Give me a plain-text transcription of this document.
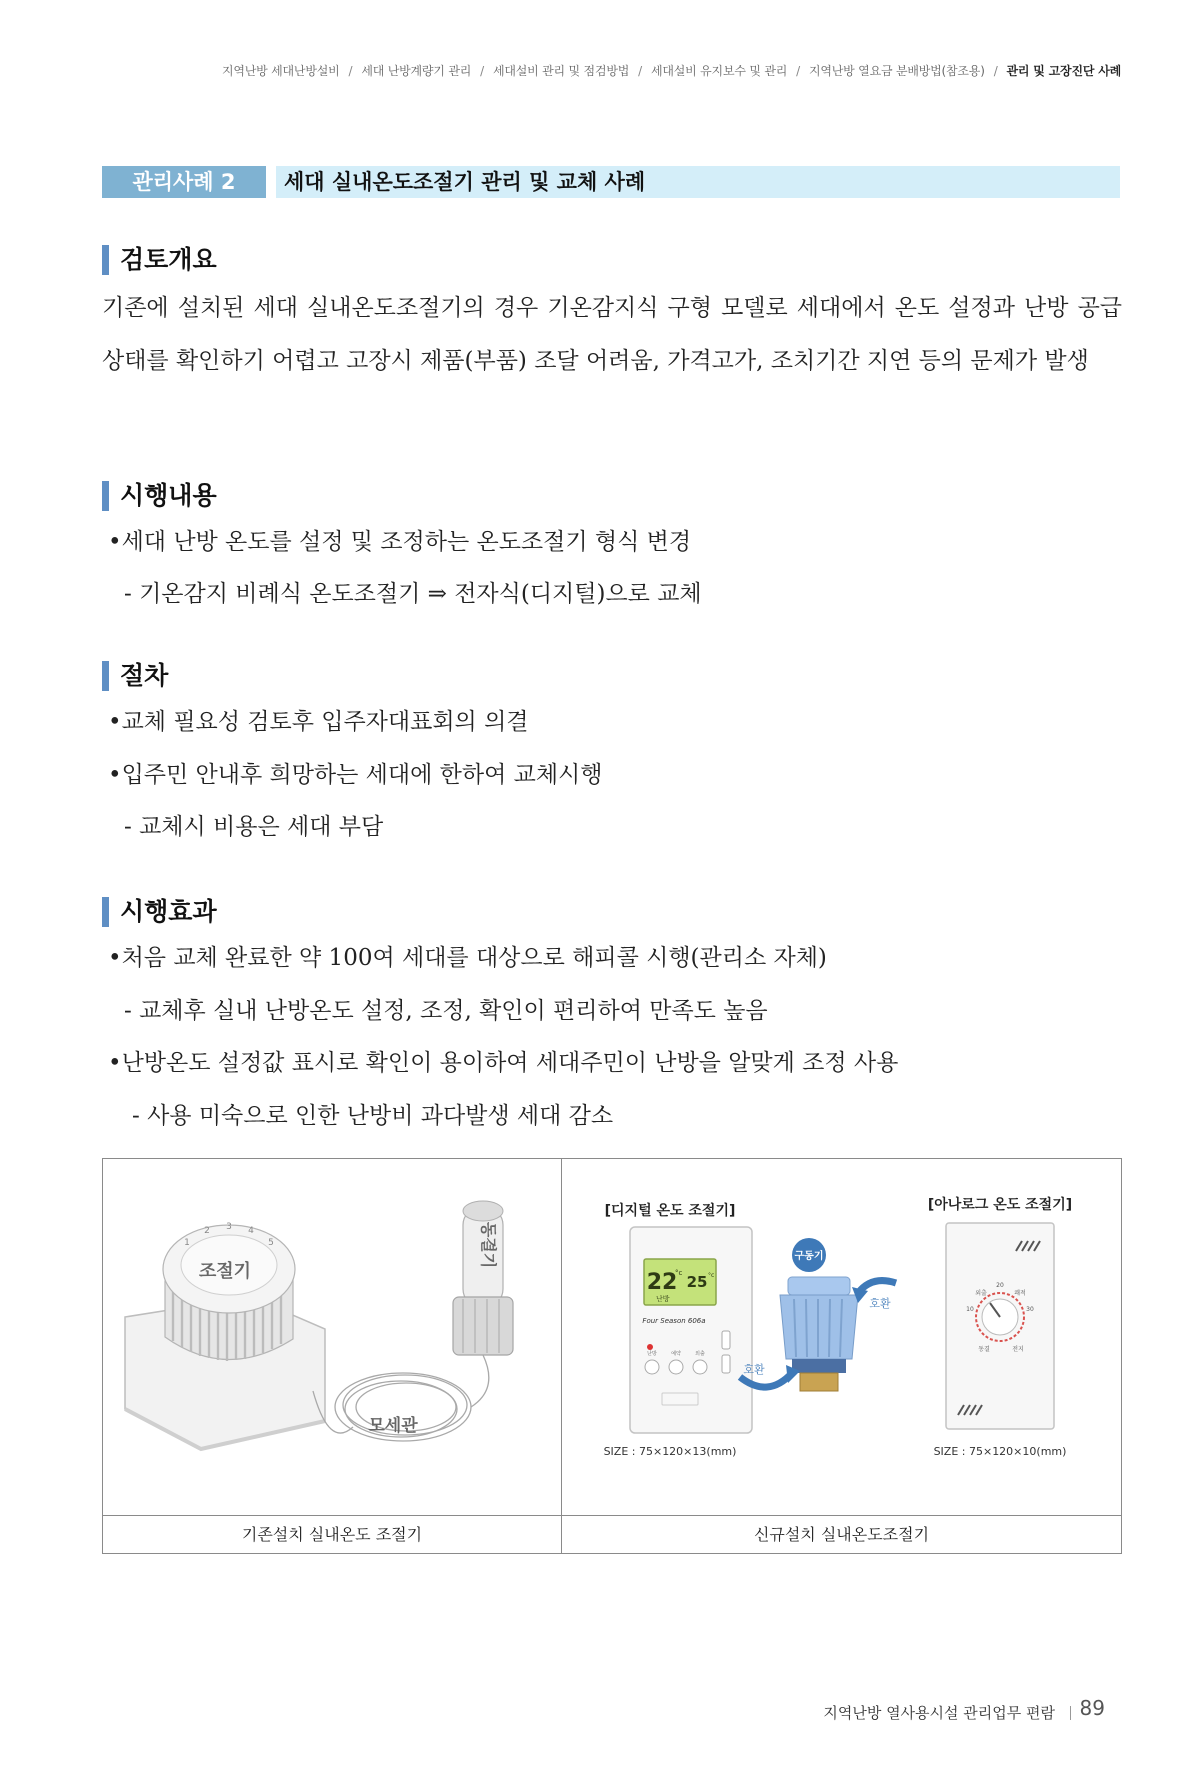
지역난방 세대난방설비 / 세대 난방계량기 관리 / 세대설비 관리 및 점검방법 / 세대설비 유지보수 및 관리 / 지역난방 열요금 분배방법(참조용) / 관리 및 고장진단 사례
관리사례 2	세대 실내온도조절기 관리 및 교체 사례
검토개요
기존에 설치된 세대 실내온도조절기의 경우 기온감지식 구형 모델로 세대에서 온도 설정과 난방 공급 상태를 확인하기 어렵고 고장시 제품(부품) 조달 어려움, 가격고가, 조치기간 지연 등의 문제가 발생
시행내용
•세대 난방 온도를 설정 및 조정하는 온도조절기 형식 변경
- 기온감지 비례식 온도조절기 ⇒ 전자식(디지털)으로 교체
절차
•교체 필요성 검토후 입주자대표회의 의결
•입주민 안내후 희망하는 세대에 한하여 교체시행
- 교체시 비용은 세대 부담
시행효과
•처음 교체 완료한 약 100여 세대를 대상으로 해피콜 시행(관리소 자체)
- 교체후 실내 난방온도 설정, 조정, 확인이 편리하여 만족도 높음
•난방온도 설정값 표시로 확인이 용이하여 세대주민이 난방을 알맞게 조정 사용
- 사용 미숙으로 인한 난방비 과다발생 세대 감소
1
2 3 4
5
조절기
동결기
모세관
[디지털 온도 조절기]
22
°c 25 °c
난방
Four Season 606a
난방	예약	외출
SIZE : 75×120×13(mm)
구동기
호환
호환
[아나로그 온도 조절기]
외출
20
쾌적
10	30
동결	전지
SIZE : 75×120×10(mm)
기존설치 실내온도 조절기	신규설치 실내온도조절기
지역난방 열사용시설 관리업무 편람 89
